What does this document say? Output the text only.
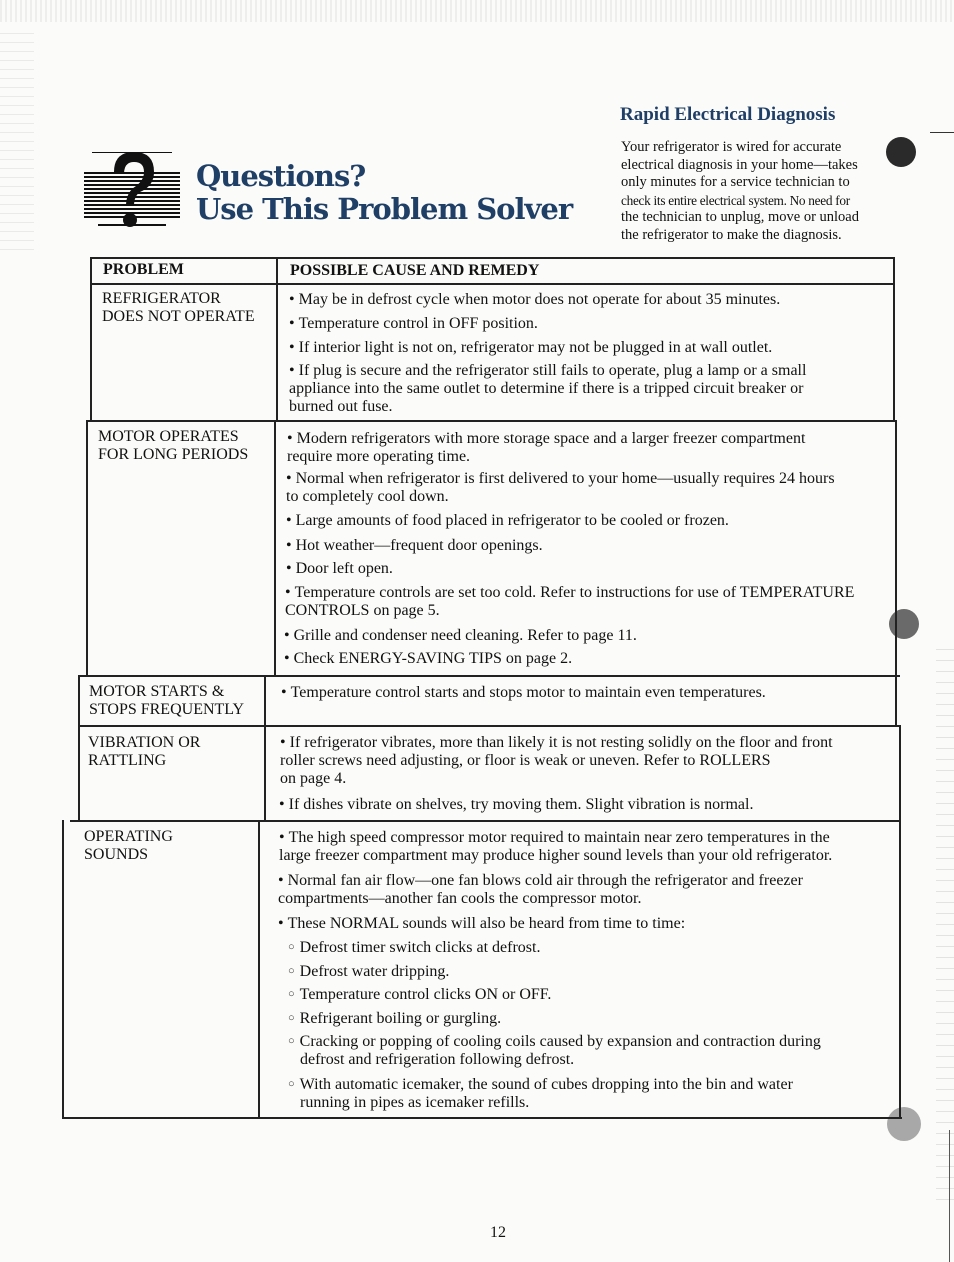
Questions?
Use This Problem Solver
Rapid Electrical Diagnosis
Your refrigerator is wired for accurate
electrical diagnosis in your home—takes
only minutes for a service technician to
check its entire electrical system. No need for
the technician to unplug, move or unload
the refrigerator to make the diagnosis.
PROBLEM	POSSIBLE CAUSE AND REMEDY
REFRIGERATOR
DOES NOT OPERATE
• May be in defrost cycle when motor does not operate for about 35 minutes.
• Temperature control in OFF position.
• If interior light is not on, refrigerator may not be plugged in at wall outlet.
• If plug is secure and the refrigerator still fails to operate, plug a lamp or a small
appliance into the same outlet to determine if there is a tripped circuit breaker or
burned out fuse.
MOTOR OPERATES
FOR LONG PERIODS
• Modern refrigerators with more storage space and a larger freezer compartment
require more operating time.
• Normal when refrigerator is first delivered to your home—usually requires 24 hours
to completely cool down.
• Large amounts of food placed in refrigerator to be cooled or frozen.
• Hot weather—frequent door openings.
• Door left open.
• Temperature controls are set too cold. Refer to instructions for use of TEMPERATURE
CONTROLS on page 5.
• Grille and condenser need cleaning. Refer to page 11.
• Check ENERGY-SAVING TIPS on page 2.
MOTOR STARTS &
STOPS FREQUENTLY
• Temperature control starts and stops motor to maintain even temperatures.
VIBRATION OR
RATTLING
• If refrigerator vibrates, more than likely it is not resting solidly on the floor and front
roller screws need adjusting, or floor is weak or uneven. Refer to ROLLERS
on page 4.
• If dishes vibrate on shelves, try moving them. Slight vibration is normal.
OPERATING
SOUNDS
• The high speed compressor motor required to maintain near zero temperatures in the
large freezer compartment may produce higher sound levels than your old refrigerator.
• Normal fan air flow—one fan blows cold air through the refrigerator and freezer
compartments—another fan cools the compressor motor.
• These NORMAL sounds will also be heard from time to time:
○ Defrost timer switch clicks at defrost.
○ Defrost water dripping.
○ Temperature control clicks ON or OFF.
○ Refrigerant boiling or gurgling.
○ Cracking or popping of cooling coils caused by expansion and contraction during
defrost and refrigeration following defrost.
○ With automatic icemaker, the sound of cubes dropping into the bin and water
running in pipes as icemaker refills.
12
